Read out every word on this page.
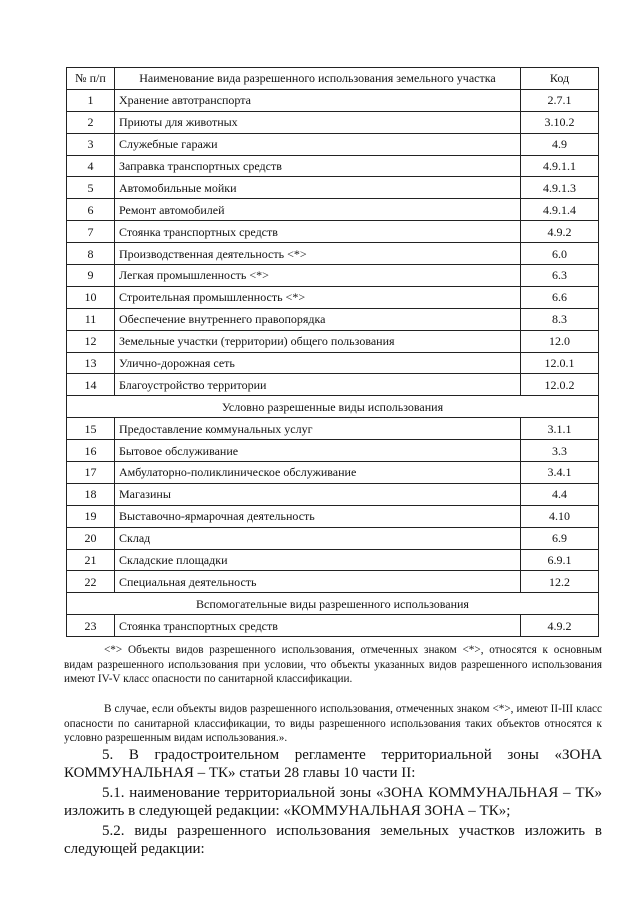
№ п/п	Наименование вида разрешенного использования земельного участка	Код
1	Хранение автотранспорта	2.7.1
2	Приюты для животных	3.10.2
3	Служебные гаражи	4.9
4	Заправка транспортных средств	4.9.1.1
5	Автомобильные мойки	4.9.1.3
6	Ремонт автомобилей	4.9.1.4
7	Стоянка транспортных средств	4.9.2
8	Производственная деятельность <*>	6.0
9	Легкая промышленность <*>	6.3
10	Строительная промышленность <*>	6.6
11	Обеспечение внутреннего правопорядка	8.3
12	Земельные участки (территории) общего пользования	12.0
13	Улично-дорожная сеть	12.0.1
14	Благоустройство территории	12.0.2
Условно разрешенные виды использования		
15	Предоставление коммунальных услуг	3.1.1
16	Бытовое обслуживание	3.3
17	Амбулаторно-поликлиническое обслуживание	3.4.1
18	Магазины	4.4
19	Выставочно-ярмарочная деятельность	4.10
20	Склад	6.9
21	Складские площадки	6.9.1
22	Специальная деятельность	12.2
Вспомогательные виды разрешенного использования		
23	Стоянка транспортных средств	4.9.2

<*> Объекты видов разрешенного использования, отмеченных знаком <*>, относятся к основным видам разрешенного использования при условии, что объекты указанных видов разрешенного использования имеют IV-V класс опасности по санитарной классификации.

В случае, если объекты видов разрешенного использования, отмеченных знаком <*>, имеют II-III класс опасности по санитарной классификации, то виды разрешенного использования таких объектов относятся к условно разрешенным видам использования.».

5. В градостроительном регламенте территориальной зоны «ЗОНА КОММУНАЛЬНАЯ – ТК» статьи 28 главы 10 части II:

5.1. наименование территориальной зоны «ЗОНА КОММУНАЛЬНАЯ – ТК» изложить в следующей редакции: «КОММУНАЛЬНАЯ ЗОНА – ТК»;

5.2. виды разрешенного использования земельных участков изложить в следующей редакции:
